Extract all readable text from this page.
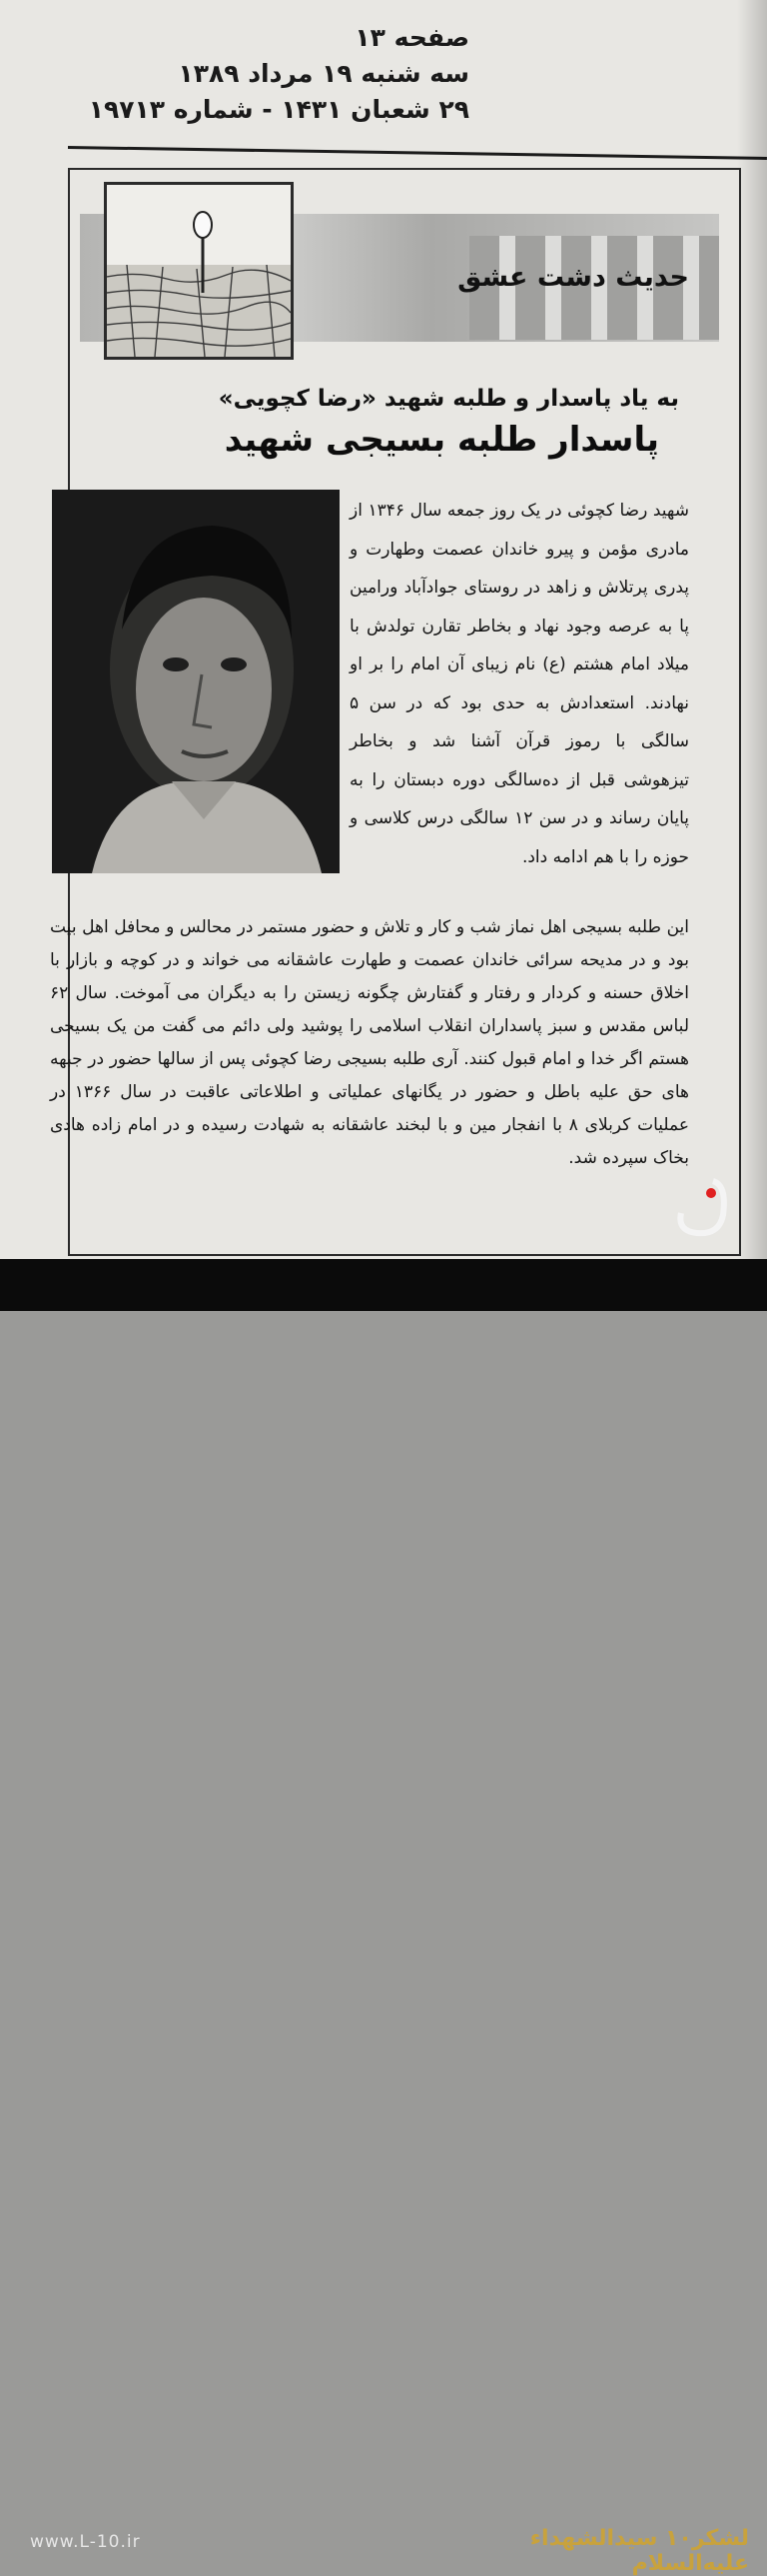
صفحه ۱۳
سه شنبه ۱۹ مرداد ۱۳۸۹
۲۹ شعبان ۱۴۳۱ - شماره ۱۹۷۱۳
حدیث دشت عشق
به یاد پاسدار و طلبه شهید «رضا کچویی»
پاسدار طلبه بسیجی شهید

شهید رضا کچوئی در یک روز جمعه سال ۱۳۴۶ از مادری مؤمن و پیرو خاندان عصمت وطهارت و پدری پرتلاش و زاهد در روستای جوادآباد ورامین پا به عرصه وجود نهاد و بخاطر تقارن تولدش با میلاد امام هشتم (ع) نام زیبای آن امام را بر او نهادند. استعدادش به حدی بود که در سن ۵ سالگی با رموز قرآن آشنا شد و بخاطر تیزهوشی قبل از ده‌سالگی دوره دبستان را به پایان رساند و در سن ۱۲ سالگی درس کلاسی و حوزه را با هم ادامه داد.

این طلبه بسیجی اهل نماز شب و کار و تلاش و حضور مستمر در محالس و محافل اهل بیت بود و در مدیحه سرائی خاندان عصمت و طهارت عاشقانه می خواند و در کوچه و بازار با اخلاق حسنه و کردار و رفتار و گفتارش چگونه زیستن را به دیگران می آموخت. سال ۶۲ لباس مقدس و سبز پاسداران انقلاب اسلامی را پوشید ولی دائم می گفت من یک بسیجی هستم اگر خدا و امام قبول کنند. آری طلبه بسیجی رضا کچوئی پس از سالها حضور در جبهه های حق علیه باطل و حضور در یگانهای عملیاتی و اطلاعاتی عاقبت در سال ۱۳۶۶ در عملیات کربلای ۸ با انفجار مین و با لبخند عاشقانه به شهادت رسیده و در امام زاده هادی بخاک سپرده شد.

www.L-10.ir	لشکر۱۰ سیدالشهداء علیه‌السلام
